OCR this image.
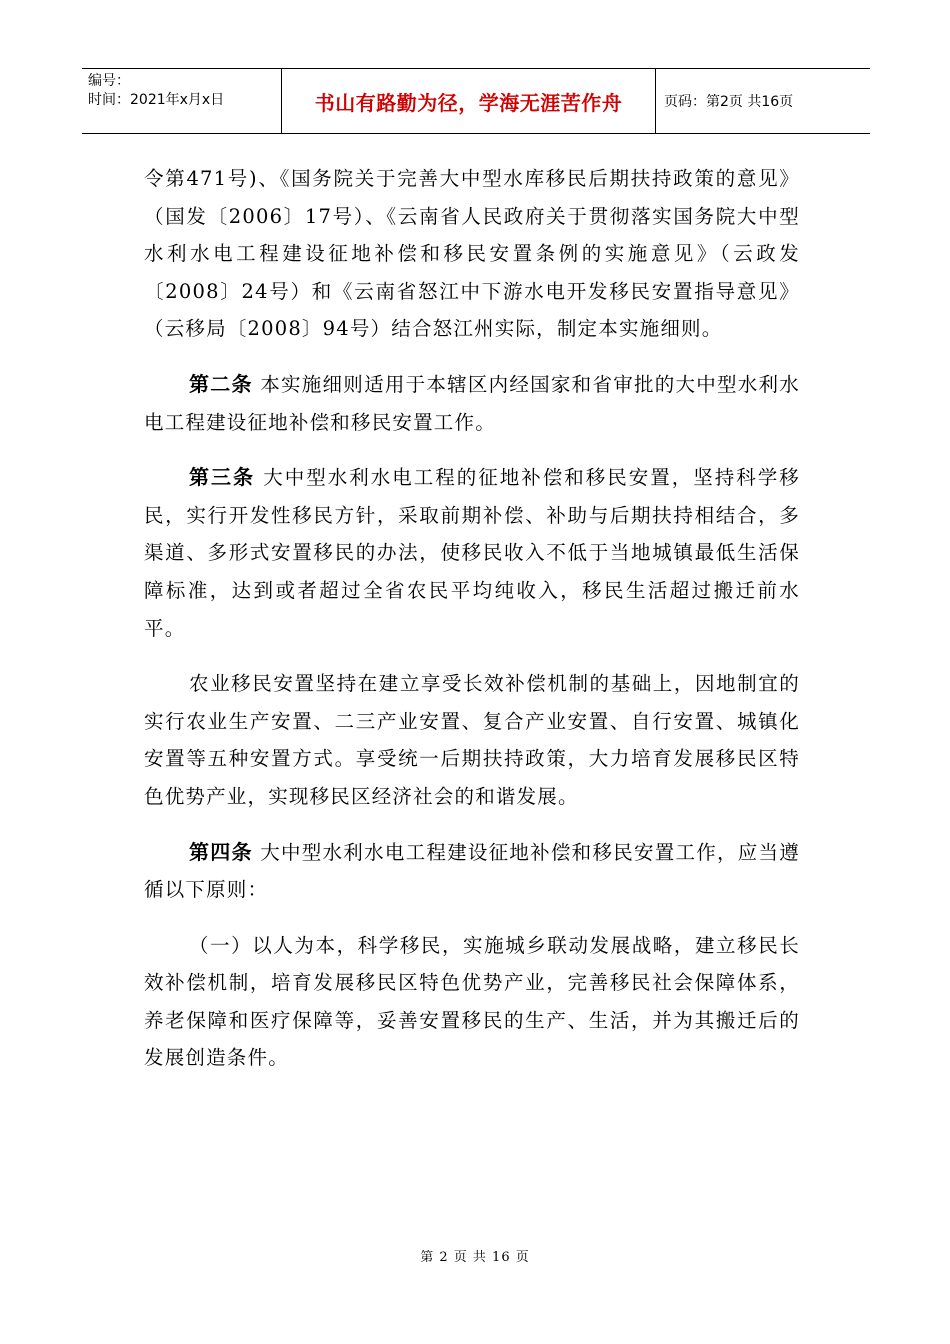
编号：
时间：2021年x月x日	书山有路勤为径，学海无涯苦作舟	页码：第2页 共16页

令第471号)、《国务院关于完善大中型水库移民后期扶持政策的意见》（国发〔2006〕17号）、《云南省人民政府关于贯彻落实国务院大中型水利水电工程建设征地补偿和移民安置条例的实施意见》（云政发〔2008〕24号）和《云南省怒江中下游水电开发移民安置指导意见》（云移局〔2008〕94号）结合怒江州实际，制定本实施细则。

第二条 本实施细则适用于本辖区内经国家和省审批的大中型水利水电工程建设征地补偿和移民安置工作。

第三条 大中型水利水电工程的征地补偿和移民安置，坚持科学移民，实行开发性移民方针，采取前期补偿、补助与后期扶持相结合，多渠道、多形式安置移民的办法，使移民收入不低于当地城镇最低生活保障标准，达到或者超过全省农民平均纯收入，移民生活超过搬迁前水平。

农业移民安置坚持在建立享受长效补偿机制的基础上，因地制宜的实行农业生产安置、二三产业安置、复合产业安置、自行安置、城镇化安置等五种安置方式。享受统一后期扶持政策，大力培育发展移民区特色优势产业，实现移民区经济社会的和谐发展。

第四条 大中型水利水电工程建设征地补偿和移民安置工作，应当遵循以下原则：

（一）以人为本，科学移民，实施城乡联动发展战略，建立移民长效补偿机制，培育发展移民区特色优势产业，完善移民社会保障体系，养老保障和医疗保障等，妥善安置移民的生产、生活，并为其搬迁后的发展创造条件。

第 2 页 共 16 页
